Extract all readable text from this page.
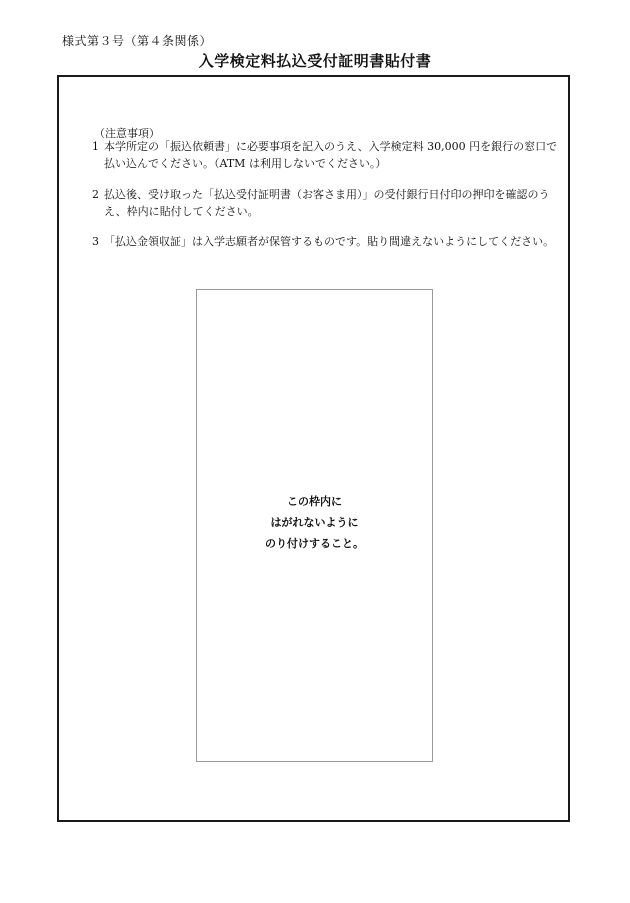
様式第３号（第４条関係）
入学検定料払込受付証明書貼付書
（注意事項）
1 本学所定の「振込依頼書」に必要事項を記入のうえ、入学検定料 30,000 円を銀行の窓口で払い込んでください。（ATM は利用しないでください。）
2 払込後、受け取った「払込受付証明書（お客さま用）」の受付銀行日付印の押印を確認のうえ、枠内に貼付してください。
3 「払込金領収証」は入学志願者が保管するものです。貼り間違えないようにしてください。
この枠内に
はがれないように
のり付けすること。
